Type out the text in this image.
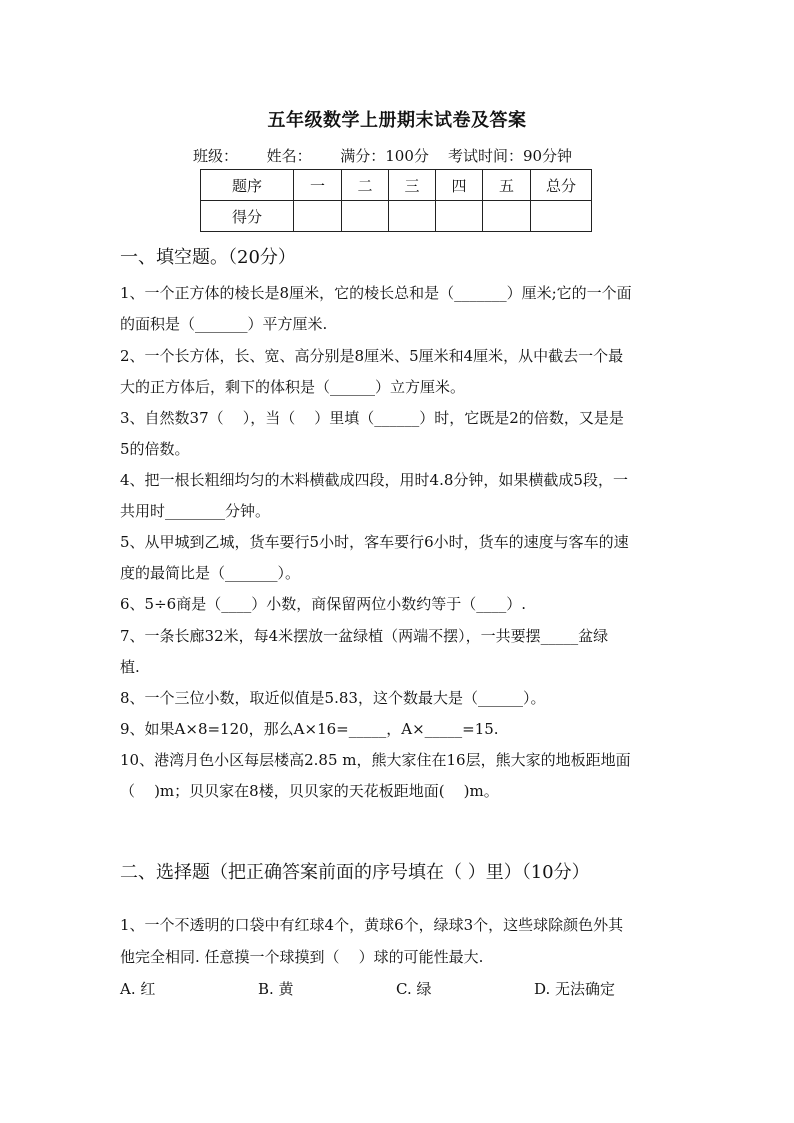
五年级数学上册期末试卷及答案
班级： 姓名： 满分：100分 考试时间：90分钟
题序	一	二	三	四	五	总分
得分						
一、填空题。（20分）
1、一个正方体的棱长是8厘米，它的棱长总和是（_______）厘米;它的一个面
的面积是（_______）平方厘米.
2、一个长方体，长、宽、高分别是8厘米、5厘米和4厘米，从中截去一个最
大的正方体后，剩下的体积是（______）立方厘米。
3、自然数37（    ），当（    ）里填（______）时，它既是2的倍数，又是是
5的倍数。
4、把一根长粗细均匀的木料横截成四段，用时4.8分钟，如果横截成5段，一
共用时________分钟。
5、从甲城到乙城，货车要行5小时，客车要行6小时，货车的速度与客车的速
度的最简比是（_______）。
6、5÷6商是（____）小数，商保留两位小数约等于（____）.
7、一条长廊32米，每4米摆放一盆绿植（两端不摆），一共要摆_____盆绿
植.
8、一个三位小数，取近似值是5.83，这个数最大是（______）。
9、如果A×8=120，那么A×16=_____，A×_____=15.
10、港湾月色小区每层楼高2.85 m，熊大家住在16层，熊大家的地板距地面
（    )m；贝贝家在8楼，贝贝家的天花板距地面(    )m。
二、选择题（把正确答案前面的序号填在（ ）里）（10分）
1、一个不透明的口袋中有红球4个，黄球6个，绿球3个，这些球除颜色外其
他完全相同. 任意摸一个球摸到（    ）球的可能性最大.
A. 红	B. 黄	C. 绿	D. 无法确定
